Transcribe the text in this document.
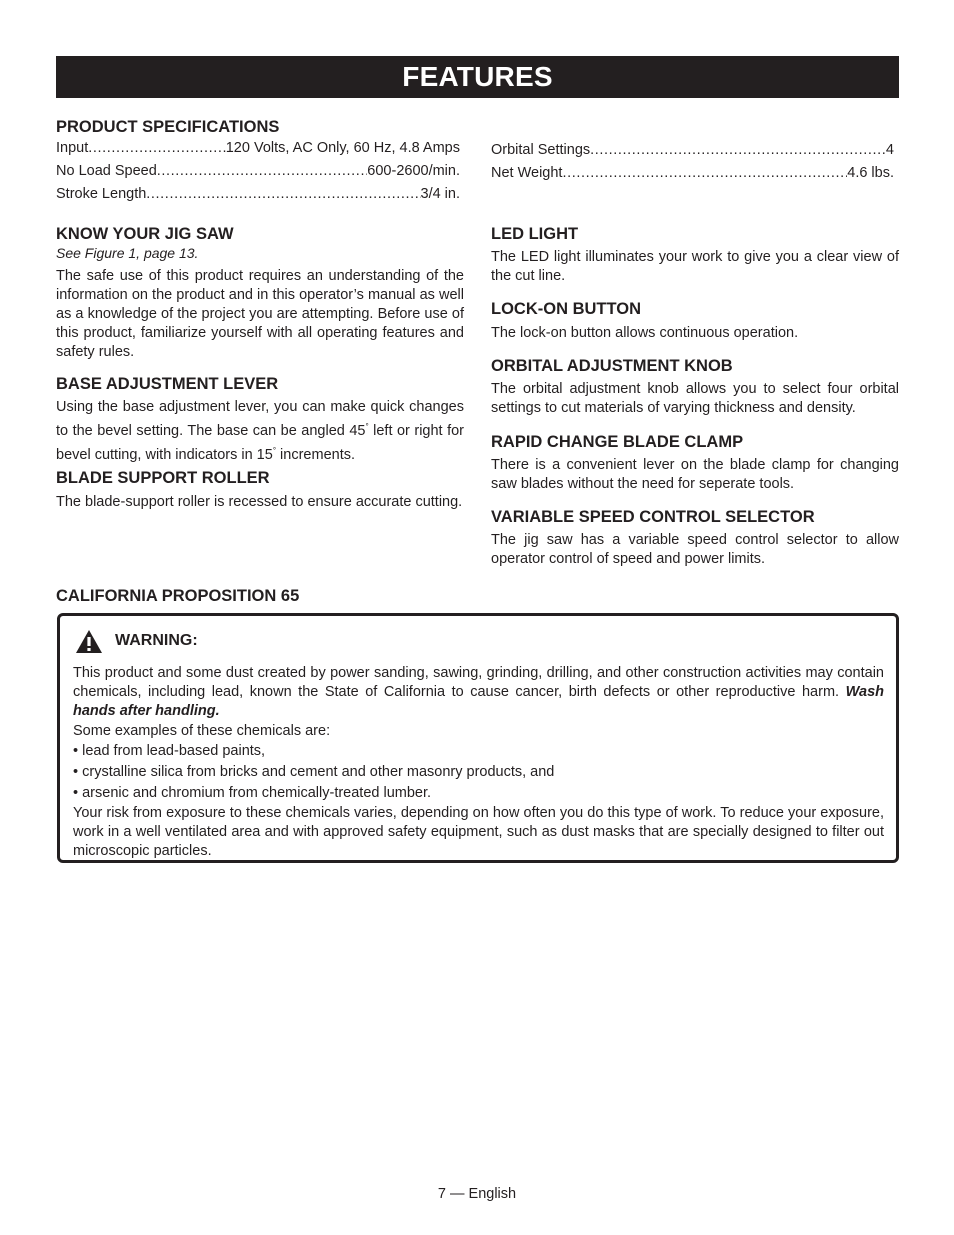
FEATURES
PRODUCT SPECIFICATIONS
Input .....	120 Volts, AC Only, 60 Hz, 4.8 Amps
No Load Speed .....	600-2600/min.
Stroke Length .....	3/4 in.
Orbital Settings .....	4
Net Weight .....	4.6 lbs.
KNOW YOUR JIG SAW

See Figure 1, page 13.

The safe use of this product requires an understanding of the information on the product and in this operator’s manual as well as a knowledge of the project you are attempting. Before use of this product, familiarize yourself with all operating features and safety rules.

BASE ADJUSTMENT LEVER

Using the base adjustment lever, you can make quick changes to the bevel setting. The base can be angled 45° left or right for bevel cutting, with indicators in 15° increments.

BLADE SUPPORT ROLLER

The blade-support roller is recessed to ensure accurate cutting.

LED LIGHT

The LED light illuminates your work to give you a clear view of the cut line.

LOCK-ON BUTTON

The lock-on button allows continuous operation.

ORBITAL ADJUSTMENT KNOB

The orbital adjustment knob allows you to select four orbital settings to cut materials of varying thickness and density.

RAPID CHANGE BLADE CLAMP

There is a convenient lever on the blade clamp for changing saw blades without the need for seperate tools.

VARIABLE SPEED CONTROL SELECTOR

The jig saw has a variable speed control selector to allow operator control of speed and power limits.

CALIFORNIA PROPOSITION 65
WARNING:

This product and some dust created by power sanding, sawing, grinding, drilling, and other construction activities may contain chemicals, including lead, known the State of California to cause cancer, birth defects or other reproductive harm. Wash hands after handling.

Some examples of these chemicals are:

• lead from lead-based paints,

• crystalline silica from bricks and cement and other masonry products, and

• arsenic and chromium from chemically-treated lumber.

Your risk from exposure to these chemicals varies, depending on how often you do this type of work. To reduce your exposure, work in a well ventilated area and with approved safety equipment, such as dust masks that are specially designed to filter out microscopic particles.

7 — English
